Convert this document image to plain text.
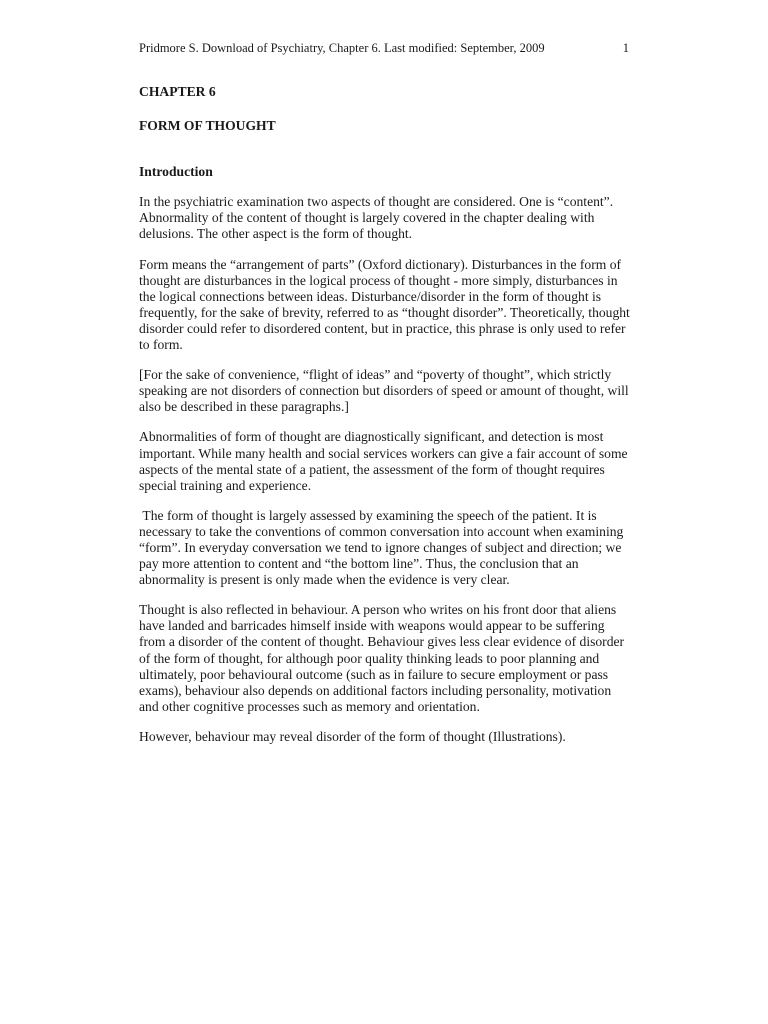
Pridmore S. Download of Psychiatry, Chapter 6. Last modified: September, 2009	1

CHAPTER 6

FORM OF THOUGHT

Introduction

In the psychiatric examination two aspects of thought are considered. One is “content”. Abnormality of the content of thought is largely covered in the chapter dealing with delusions. The other aspect is the form of thought.

Form means the “arrangement of parts” (Oxford dictionary). Disturbances in the form of thought are disturbances in the logical process of thought - more simply, disturbances in the logical connections between ideas. Disturbance/disorder in the form of thought is frequently, for the sake of brevity, referred to as “thought disorder”. Theoretically, thought disorder could refer to disordered content, but in practice, this phrase is only used to refer to form.

[For the sake of convenience, “flight of ideas” and “poverty of thought”, which strictly speaking are not disorders of connection but disorders of speed or amount of thought, will also be described in these paragraphs.]

Abnormalities of form of thought are diagnostically significant, and detection is most important. While many health and social services workers can give a fair account of some aspects of the mental state of a patient, the assessment of the form of thought requires special training and experience.

The form of thought is largely assessed by examining the speech of the patient. It is necessary to take the conventions of common conversation into account when examining “form”. In everyday conversation we tend to ignore changes of subject and direction; we pay more attention to content and “the bottom line”. Thus, the conclusion that an abnormality is present is only made when the evidence is very clear.

Thought is also reflected in behaviour. A person who writes on his front door that aliens have landed and barricades himself inside with weapons would appear to be suffering from a disorder of the content of thought. Behaviour gives less clear evidence of disorder of the form of thought, for although poor quality thinking leads to poor planning and ultimately, poor behavioural outcome (such as in failure to secure employment or pass exams), behaviour also depends on additional factors including personality, motivation and other cognitive processes such as memory and orientation.

However, behaviour may reveal disorder of the form of thought (Illustrations).
